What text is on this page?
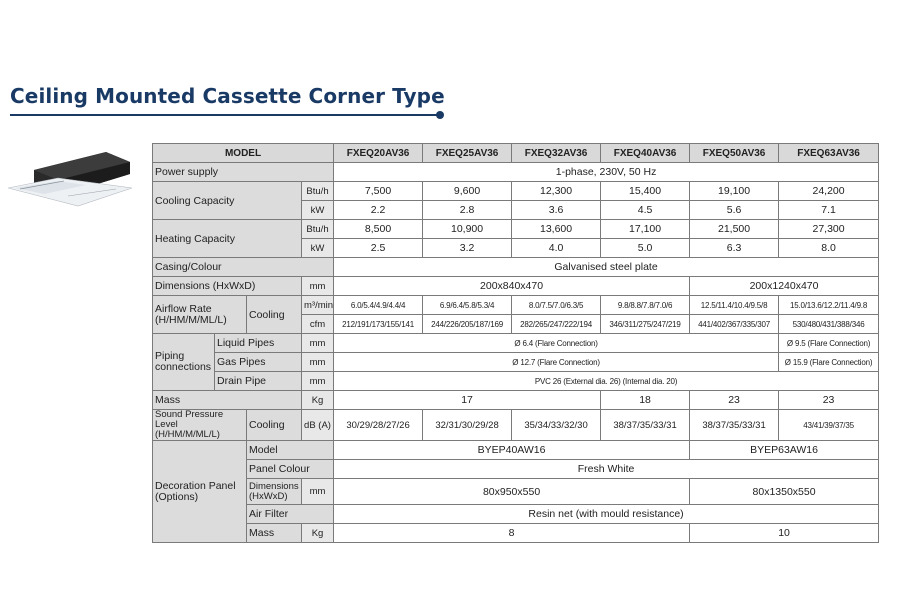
Ceiling Mounted Cassette Corner Type
MODEL				FXEQ20AV36	FXEQ25AV36	FXEQ32AV36	FXEQ40AV36	FXEQ50AV36	FXEQ63AV36
Power supply				1-phase, 230V, 50 Hz					
Cooling Capacity			Btu/h	7,500	9,600	12,300	15,400	19,100	24,200
			kW	2.2	2.8	3.6	4.5	5.6	7.1
Heating Capacity			Btu/h	8,500	10,900	13,600	17,100	21,500	27,300
			kW	2.5	3.2	4.0	5.0	6.3	8.0
Casing/Colour				Galvanised steel plate					
Dimensions (HxWxD)			mm	200x840x470				200x1240x470	
Airflow Rate (H/HM/M/ML/L)		Cooling	m³/min	6.0/5.4/4.9/4.4/4	6.9/6.4/5.8/5.3/4	8.0/7.5/7.0/6.3/5	9.8/8.8/7.8/7.0/6	12.5/11.4/10.4/9.5/8	15.0/13.6/12.2/11.4/9.8
			cfm	212/191/173/155/141	244/226/205/187/169	282/265/247/222/194	346/311/275/247/219	441/402/367/335/307	530/480/431/388/346
Piping connections	Liquid Pipes		mm	Ø 6.4 (Flare Connection)					Ø 9.5 (Flare Connection)
	Gas Pipes		mm	Ø 12.7 (Flare Connection)					Ø 15.9 (Flare Connection)
	Drain Pipe		mm	PVC 26 (External dia. 26) (Internal dia. 20)					
Mass			Kg	17			18	23	23
Sound Pressure Level (H/HM/M/ML/L)		Cooling	dB (A)	30/29/28/27/26	32/31/30/29/28	35/34/33/32/30	38/37/35/33/31	38/37/35/33/31	43/41/39/37/35
Decoration Panel (Options)		Model		BYEP40AW16				BYEP63AW16	
		Panel Colour		Fresh White					
		Dimensions (HxWxD)	mm	80x950x550				80x1350x550	
		Air Filter		Resin net (with mould resistance)					
		Mass	Kg	8				10	
